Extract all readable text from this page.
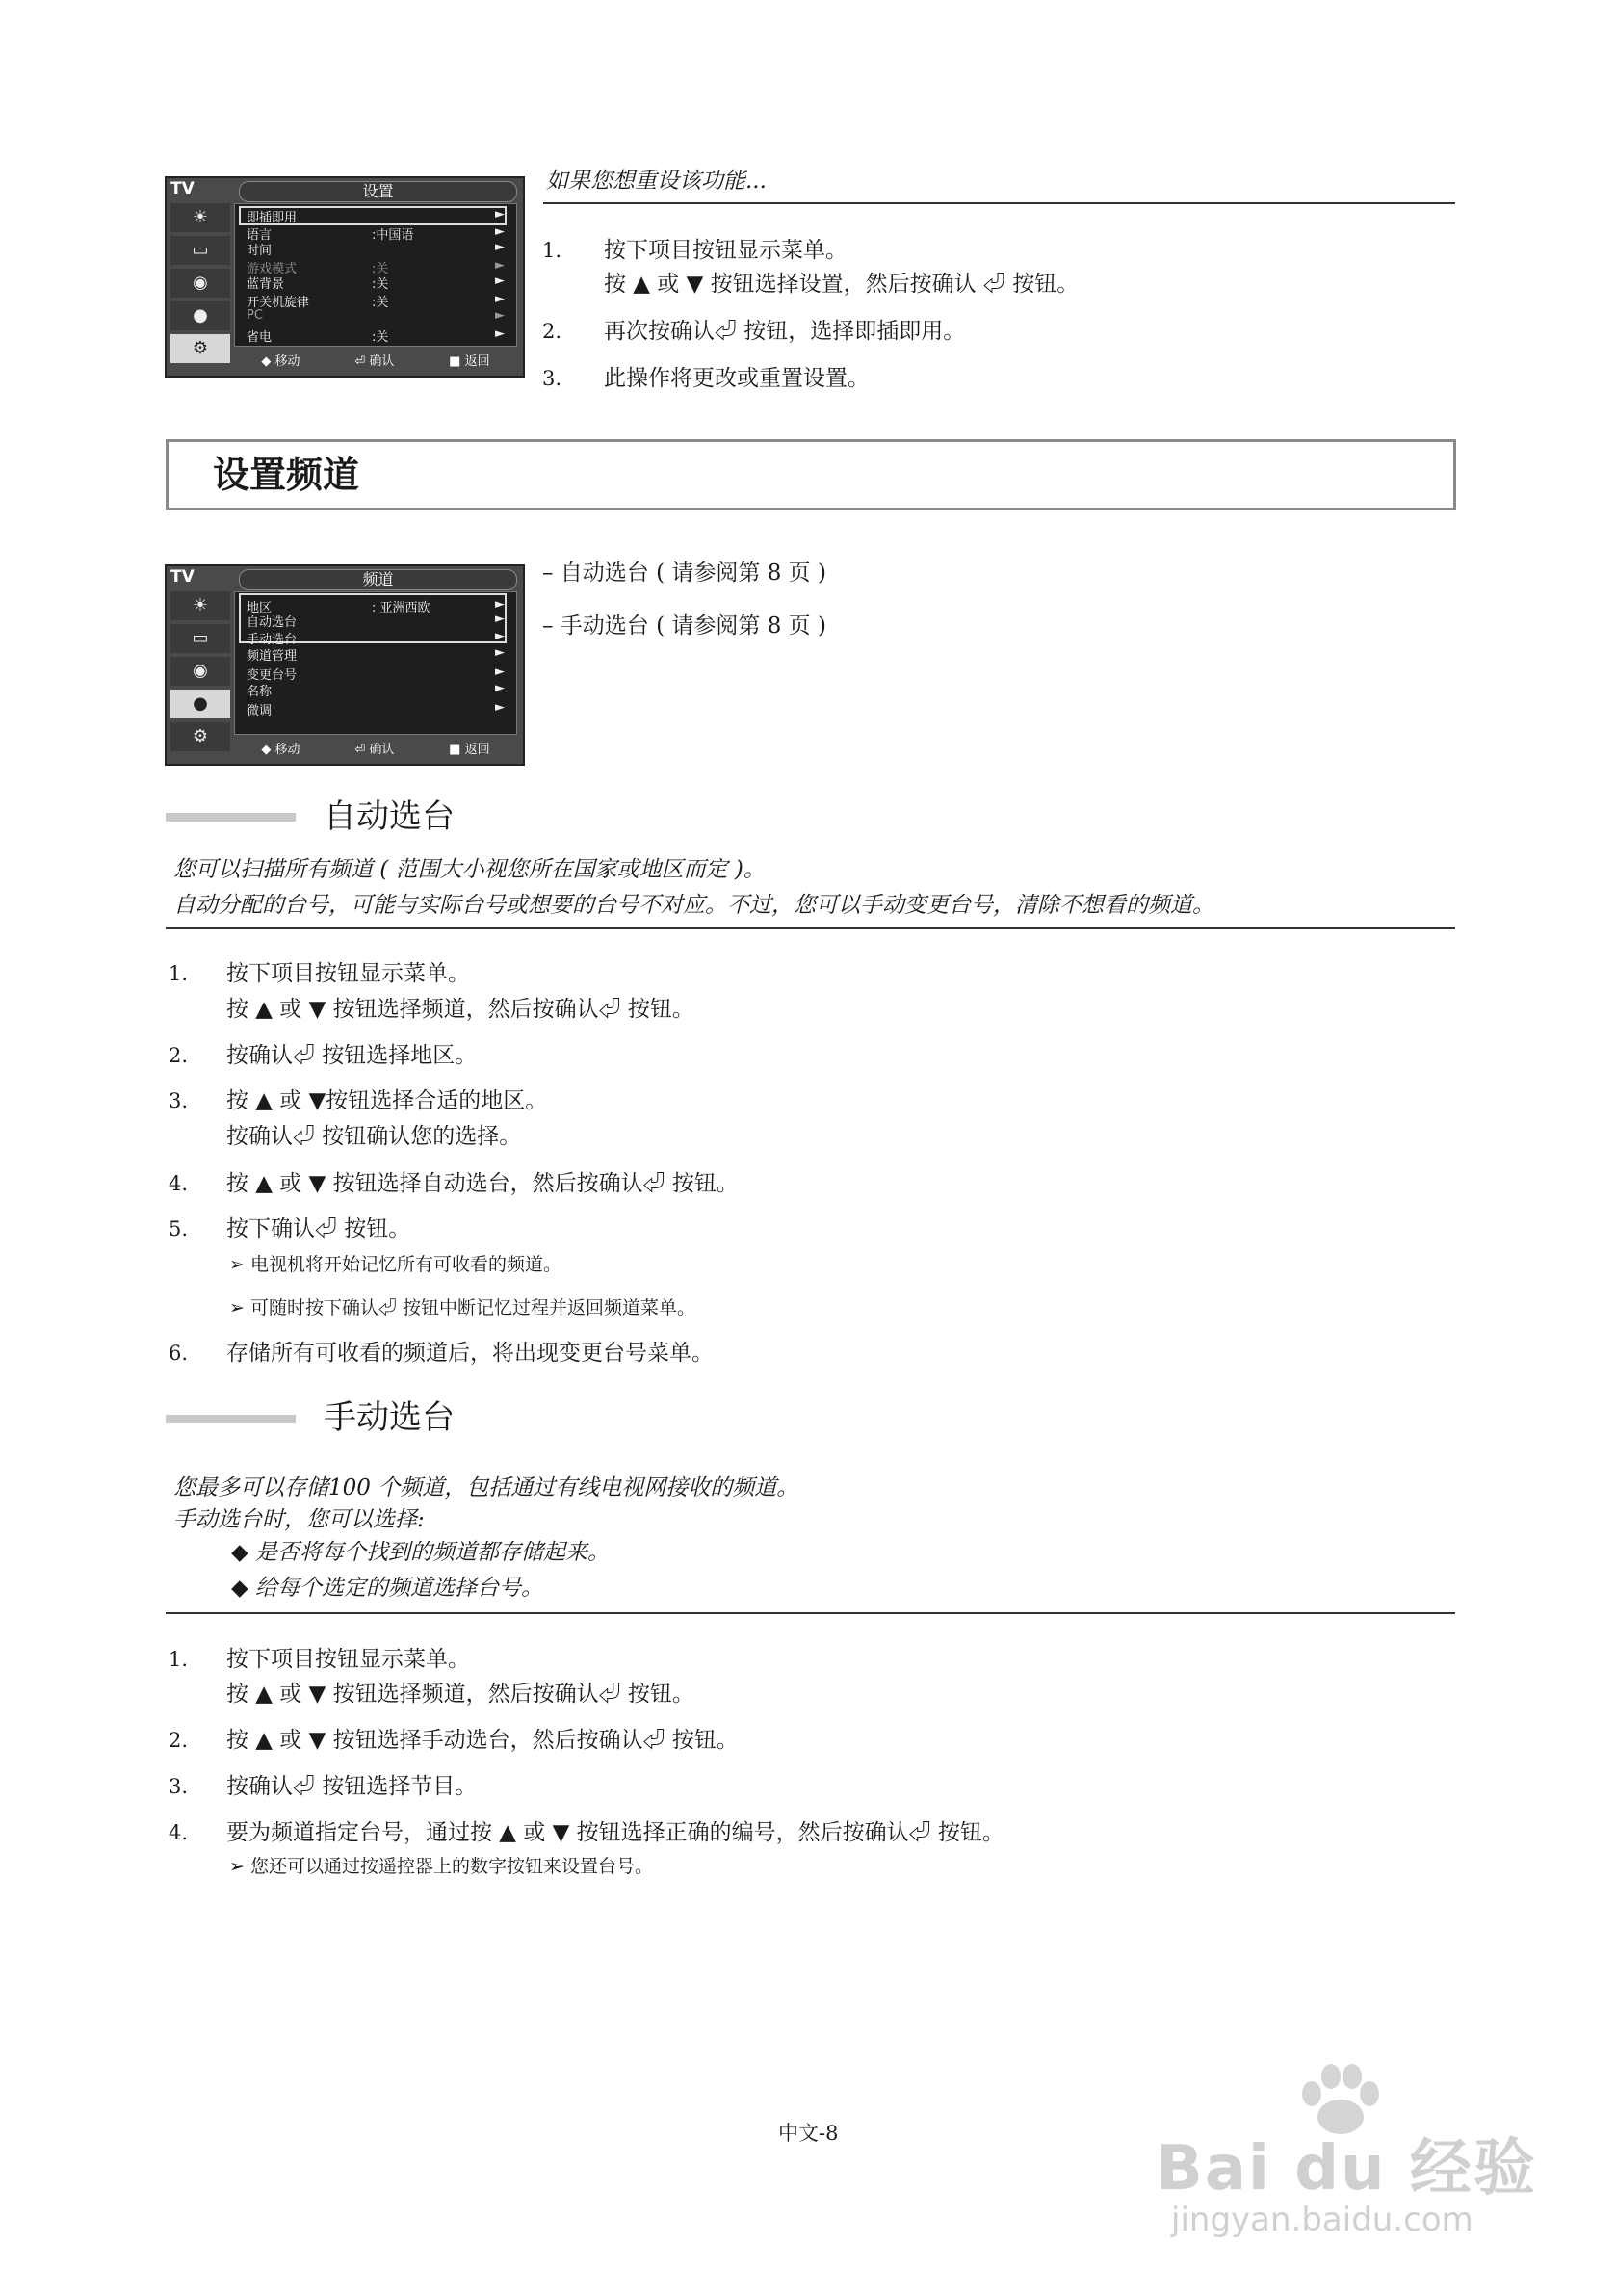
TV	设置
☀
▭
◉
●
⚙
即插即用	►
语言	:中国语	►
时间	►
游戏模式	:关	►
蓝背景	:关	►
开关机旋律	:关	►
PC	►
省电	:关	►
◆ 移动	⏎ 确认	■ 返回
如果您想重设该功能...
1. 按下项目按钮显示菜单。
按 ▲ 或 ▼ 按钮选择设置，然后按确认 ⏎ 按钮。
2. 再次按确认⏎ 按钮，选择即插即用。
3. 此操作将更改或重置设置。
设置频道
TV	频道
☀
▭
◉
●
⚙
地区	: 亚洲西欧	►
自动选台	►
手动选台	►
频道管理	►
变更台号	►
名称	►
微调	►
◆ 移动	⏎ 确认	■ 返回
– 自动选台 ( 请参阅第 8 页 )
– 手动选台 ( 请参阅第 8 页 )
自动选台
您可以扫描所有频道 ( 范围大小视您所在国家或地区而定 )。
自动分配的台号，可能与实际台号或想要的台号不对应。不过，您可以手动变更台号，清除不想看的频道。
1. 按下项目按钮显示菜单。
按 ▲ 或 ▼ 按钮选择频道，然后按确认⏎ 按钮。
2. 按确认⏎ 按钮选择地区。
3. 按 ▲ 或 ▼按钮选择合适的地区。
按确认⏎ 按钮确认您的选择。
4. 按 ▲ 或 ▼ 按钮选择自动选台，然后按确认⏎ 按钮。
5. 按下确认⏎ 按钮。
➢ 电视机将开始记忆所有可收看的频道。
➢ 可随时按下确认⏎ 按钮中断记忆过程并返回频道菜单。
6. 存储所有可收看的频道后，将出现变更台号菜单。
手动选台
您最多可以存储100 个频道，包括通过有线电视网接收的频道。
手动选台时，您可以选择:
◆ 是否将每个找到的频道都存储起来。
◆ 给每个选定的频道选择台号。
1. 按下项目按钮显示菜单。
按 ▲ 或 ▼ 按钮选择频道，然后按确认⏎ 按钮。
2. 按 ▲ 或 ▼ 按钮选择手动选台，然后按确认⏎ 按钮。
3. 按确认⏎ 按钮选择节目。
4. 要为频道指定台号，通过按 ▲ 或 ▼ 按钮选择正确的编号，然后按确认⏎ 按钮。
➢ 您还可以通过按遥控器上的数字按钮来设置台号。
中文-8	Bai du 经验
jingyan.baidu.com
